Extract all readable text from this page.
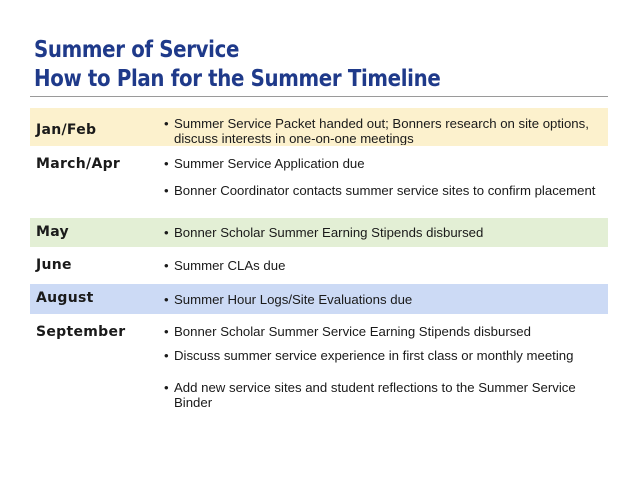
Summer of Service
How to Plan for the Summer Timeline
Jan/Feb	• Summer Service Packet handed out; Bonners research on site options, discuss interests in one-on-one meetings
March/Apr	• Summer Service Application due
• Bonner Coordinator contacts summer service sites to confirm placement
May	• Bonner Scholar Summer Earning Stipends disbursed
June	• Summer CLAs due
August	• Summer Hour Logs/Site Evaluations due
September	• Bonner Scholar Summer Service Earning Stipends disbursed
• Discuss summer service experience in first class or monthly meeting
• Add new service sites and student reflections to the Summer Service Binder
